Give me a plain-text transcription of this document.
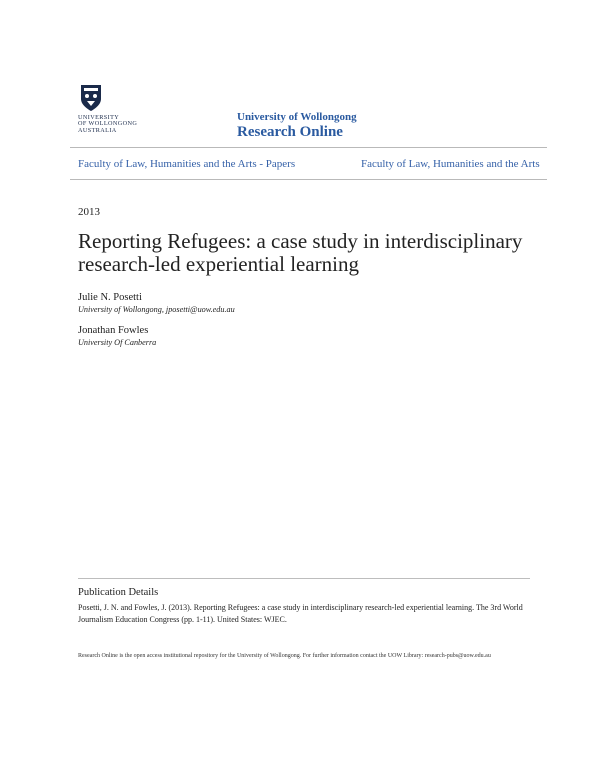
UNIVERSITY
OF WOLLONGONG
AUSTRALIA
University of Wollongong
Research Online
Faculty of Law, Humanities and the Arts - Papers	Faculty of Law, Humanities and the Arts
2013
Reporting Refugees: a case study in interdisciplinary research-led experiential learning
Julie N. Posetti
University of Wollongong, jposetti@uow.edu.au
Jonathan Fowles
University Of Canberra
Publication Details
Posetti, J. N. and Fowles, J. (2013). Reporting Refugees: a case study in interdisciplinary research-led experiential learning. The 3rd World Journalism Education Congress (pp. 1-11). United States: WJEC.
Research Online is the open access institutional repository for the University of Wollongong. For further information contact the UOW Library: research-pubs@uow.edu.au
